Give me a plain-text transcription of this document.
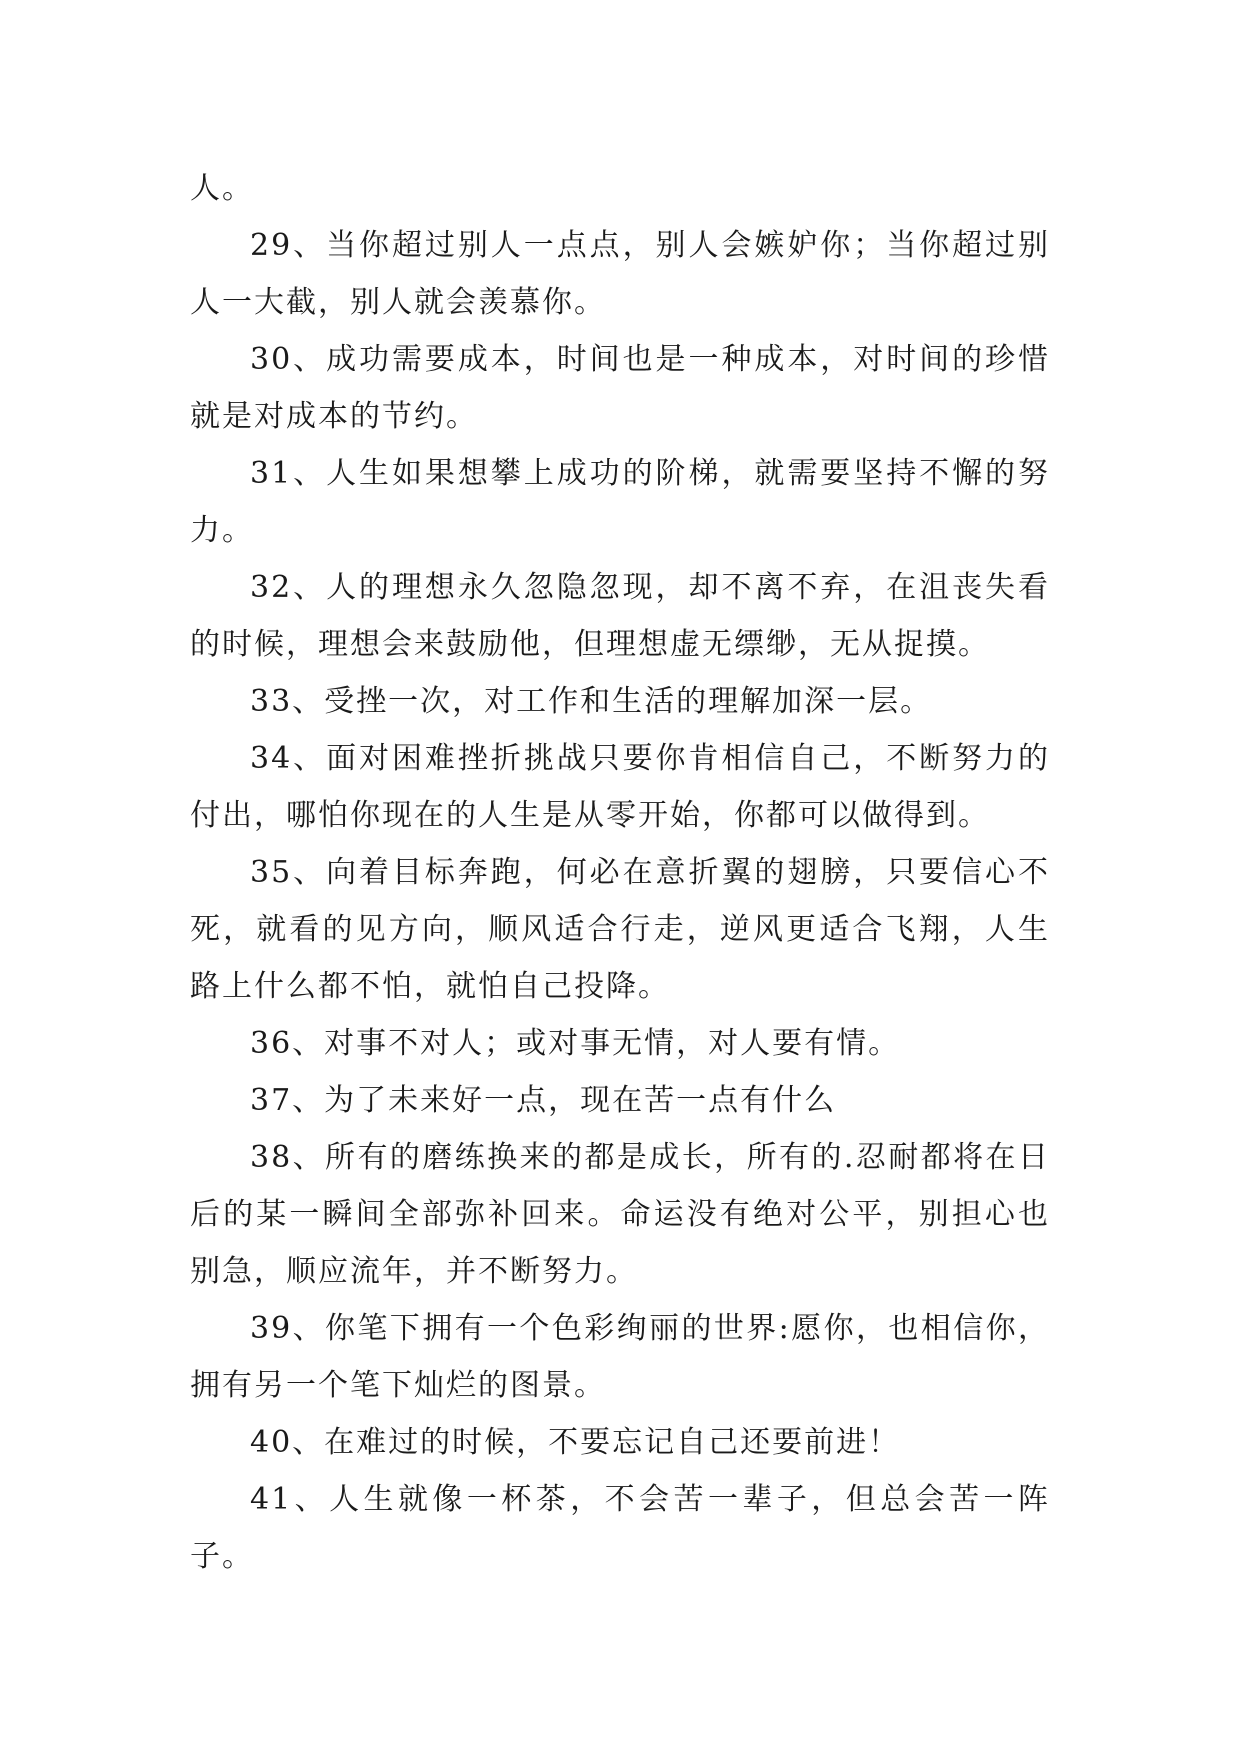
人。

29、当你超过别人一点点，别人会嫉妒你；当你超过别人一大截，别人就会羡慕你。

30、成功需要成本，时间也是一种成本，对时间的珍惜就是对成本的节约。

31、人生如果想攀上成功的阶梯，就需要坚持不懈的努力。

32、人的理想永久忽隐忽现，却不离不弃，在沮丧失看的时候，理想会来鼓励他，但理想虚无缥缈，无从捉摸。

33、受挫一次，对工作和生活的理解加深一层。

34、面对困难挫折挑战只要你肯相信自己，不断努力的付出，哪怕你现在的人生是从零开始，你都可以做得到。

35、向着目标奔跑，何必在意折翼的翅膀，只要信心不死，就看的见方向，顺风适合行走，逆风更适合飞翔，人生路上什么都不怕，就怕自己投降。

36、对事不对人；或对事无情，对人要有情。

37、为了未来好一点，现在苦一点有什么

38、所有的磨练换来的都是成长，所有的.忍耐都将在日后的某一瞬间全部弥补回来。命运没有绝对公平，别担心也别急，顺应流年，并不断努力。

39、你笔下拥有一个色彩绚丽的世界:愿你，也相信你，拥有另一个笔下灿烂的图景。

40、在难过的时候，不要忘记自己还要前进！

41、人生就像一杯茶，不会苦一辈子，但总会苦一阵子。
